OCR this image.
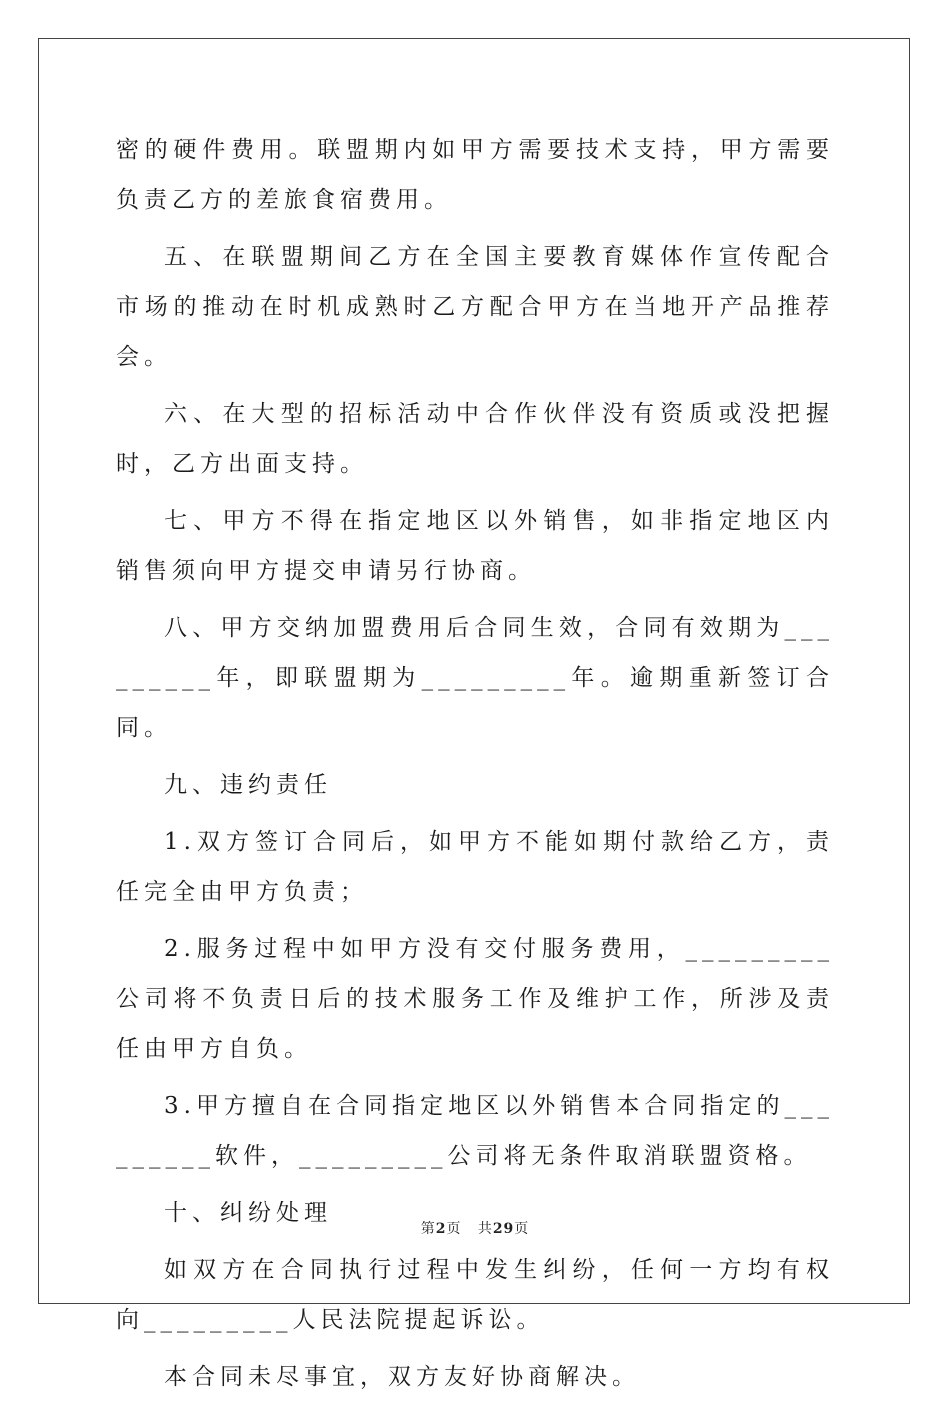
密的硬件费用。联盟期内如甲方需要技术支持，甲方需要负责乙方的差旅食宿费用。

五、在联盟期间乙方在全国主要教育媒体作宣传配合市场的推动在时机成熟时乙方配合甲方在当地开产品推荐会。

六、在大型的招标活动中合作伙伴没有资质或没把握时，乙方出面支持。

七、甲方不得在指定地区以外销售，如非指定地区内销售须向甲方提交申请另行协商。

八、甲方交纳加盟费用后合同生效，合同有效期为_________年，即联盟期为_________年。逾期重新签订合同。

九、违约责任

1.双方签订合同后，如甲方不能如期付款给乙方，责任完全由甲方负责；

2.服务过程中如甲方没有交付服务费用，_________公司将不负责日后的技术服务工作及维护工作，所涉及责任由甲方自负。

3.甲方擅自在合同指定地区以外销售本合同指定的_________软件，_________公司将无条件取消联盟资格。

十、纠纷处理

如双方在合同执行过程中发生纠纷，任何一方均有权向_________人民法院提起诉讼。

本合同未尽事宜，双方友好协商解决。

第2页 共29页
